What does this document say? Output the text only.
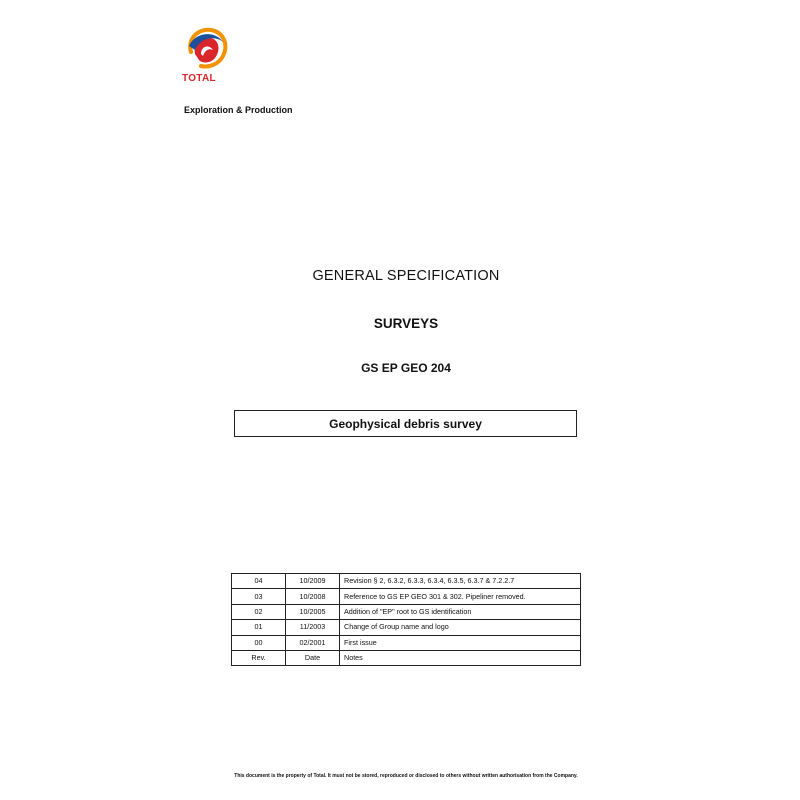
TOTAL
Exploration & Production
GENERAL SPECIFICATION
SURVEYS
GS EP GEO 204
Geophysical debris survey
04	10/2009	Revision § 2, 6.3.2, 6.3.3, 6.3.4, 6.3.5, 6.3.7 & 7.2.2.7
03	10/2008	Reference to GS EP GEO 301 & 302. Pipeliner removed.
02	10/2005	Addition of "EP" root to GS identification
01	11/2003	Change of Group name and logo
00	02/2001	First issue
Rev.	Date	Notes
This document is the property of Total. It must not be stored, reproduced or disclosed to others without written authorisation from the Company.
